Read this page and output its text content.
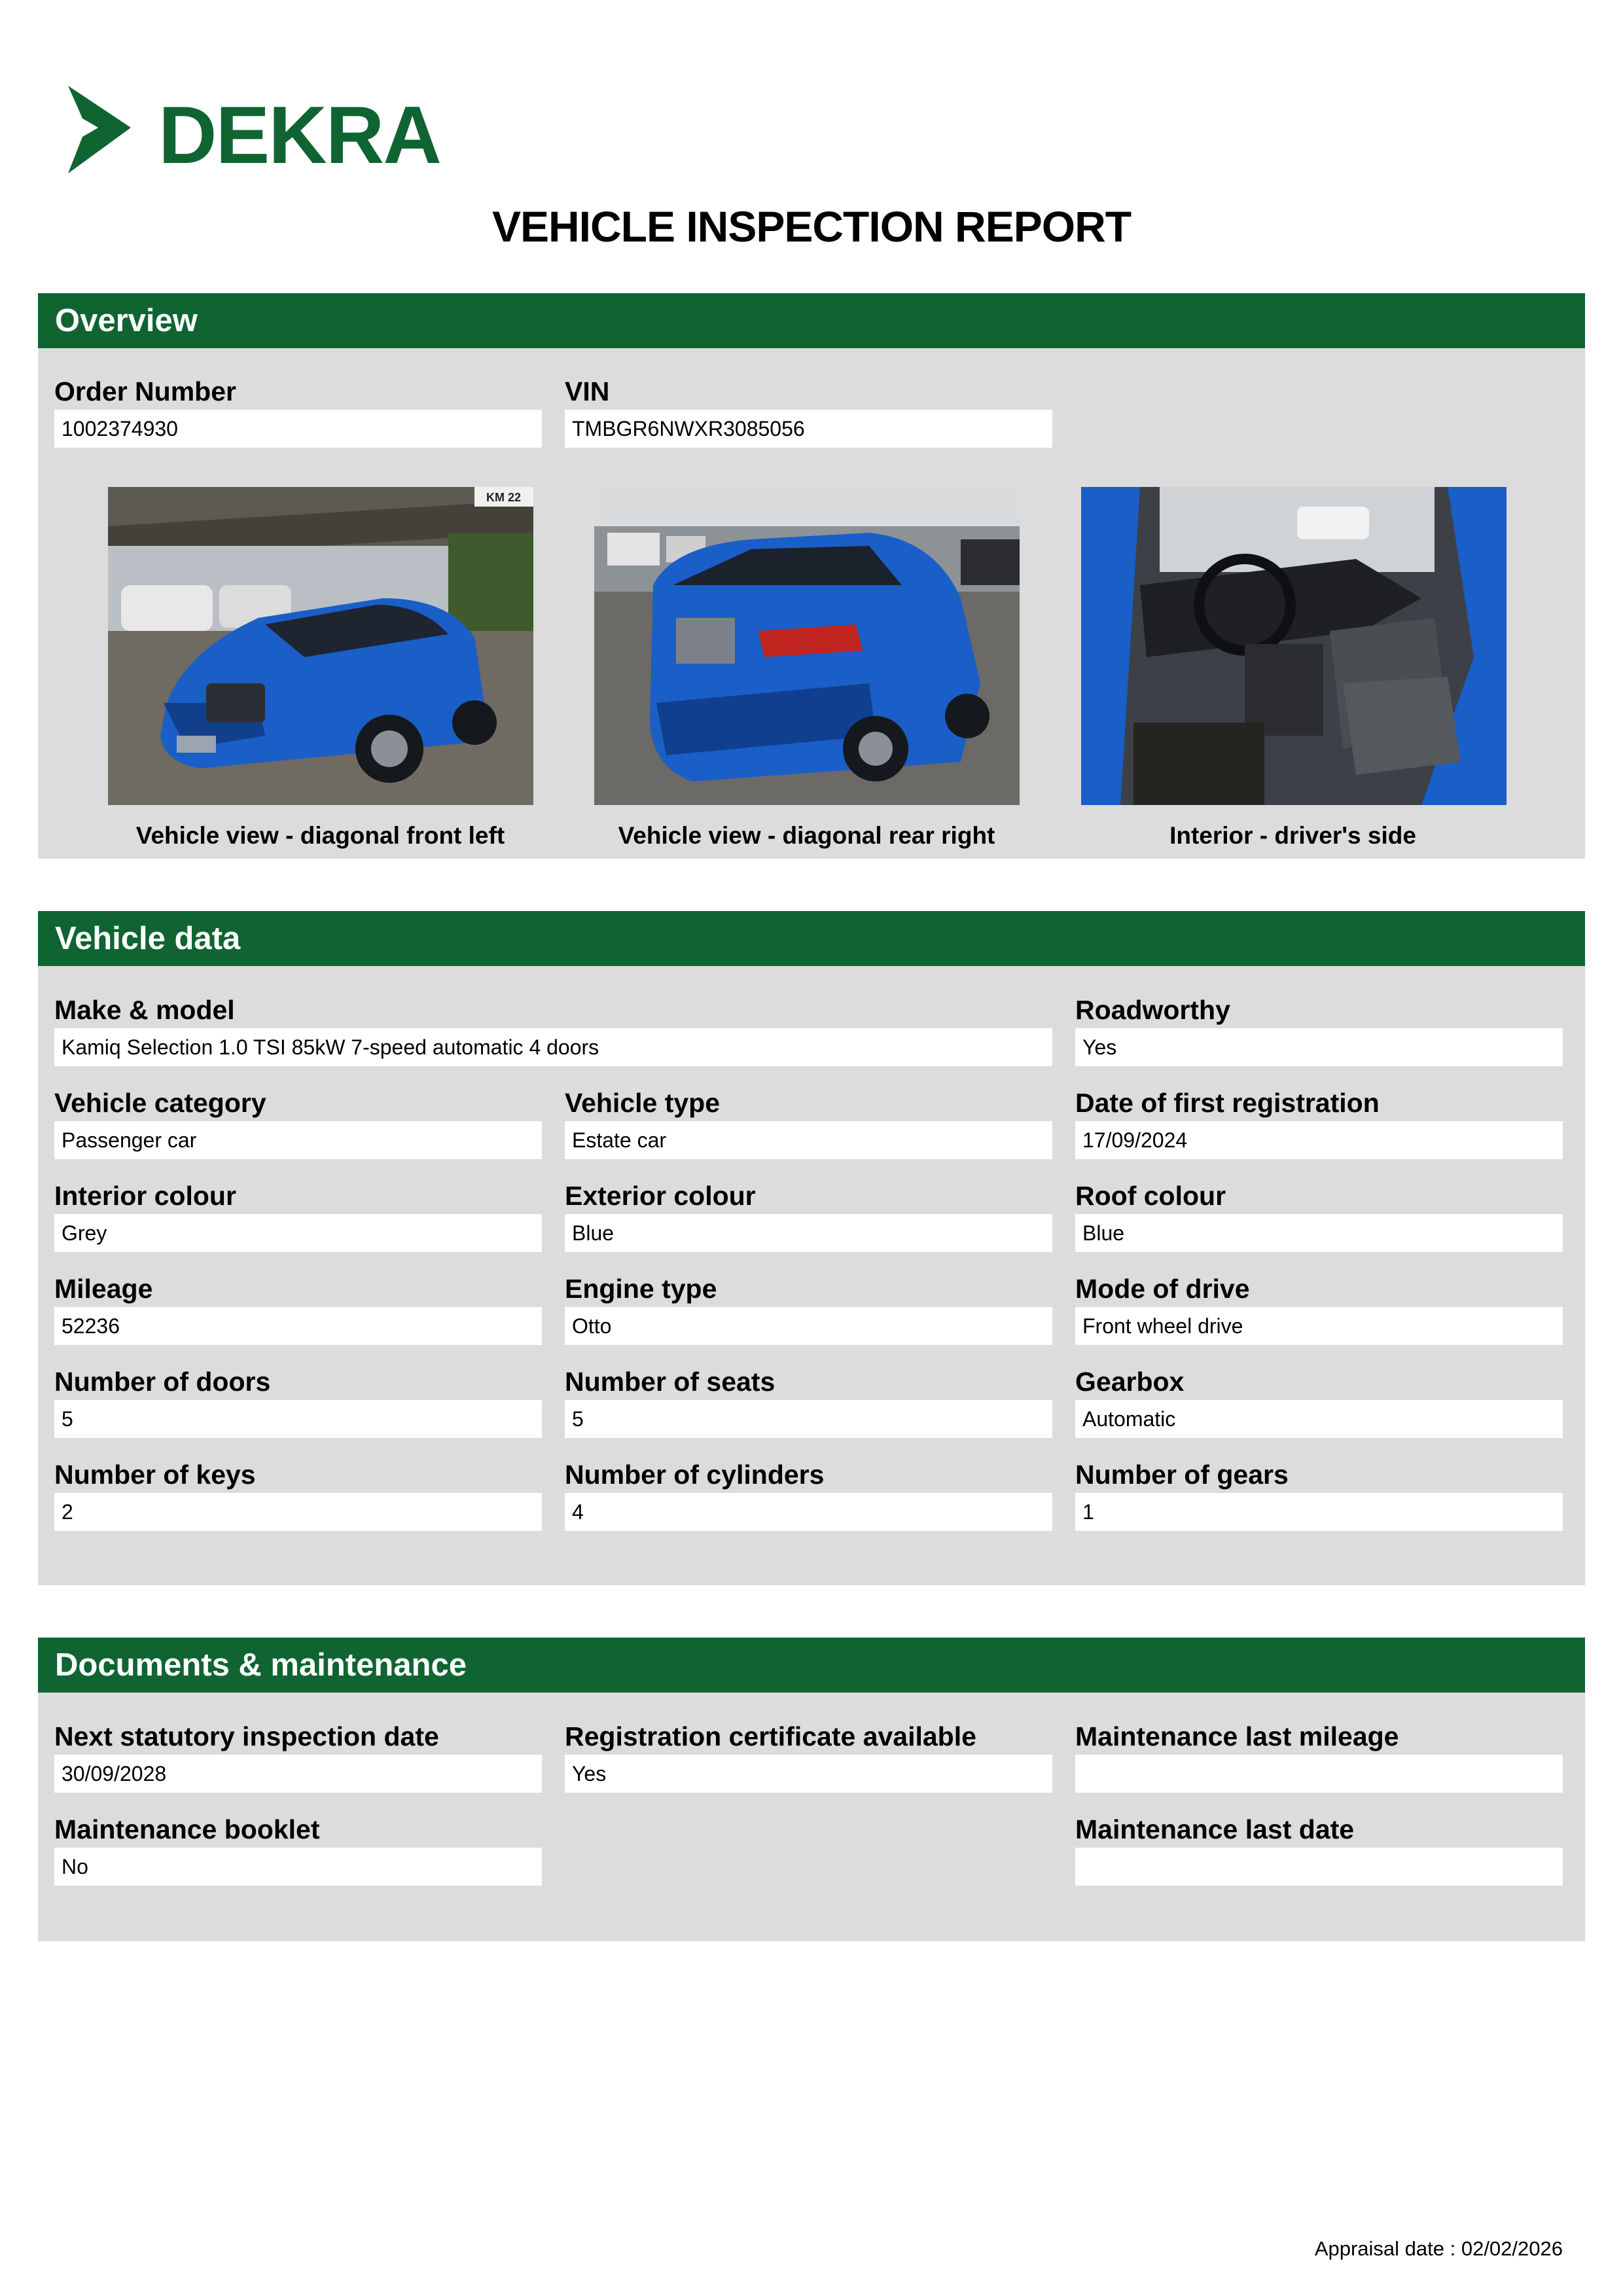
DEKRA
VEHICLE INSPECTION REPORT
Overview
Order Number
1002374930
VIN
TMBGR6NWXR3085056
KM 22
Vehicle view - diagonal front left	Vehicle view - diagonal rear right	Interior - driver's side
Vehicle data
Make & model
Kamiq Selection 1.0 TSI 85kW 7-speed automatic 4 doors
Roadworthy
Yes
Vehicle category
Passenger car
Vehicle type
Estate car
Date of first registration
17/09/2024
Interior colour
Grey
Exterior colour
Blue
Roof colour
Blue
Mileage
52236
Engine type
Otto
Mode of drive
Front wheel drive
Number of doors
5
Number of seats
5
Gearbox
Automatic
Number of keys
2
Number of cylinders
4
Number of gears
1
Documents & maintenance
Next statutory inspection date
30/09/2028
Registration certificate available
Yes
Maintenance last mileage
Maintenance booklet
No
Maintenance last date
Appraisal date : 02/02/2026
